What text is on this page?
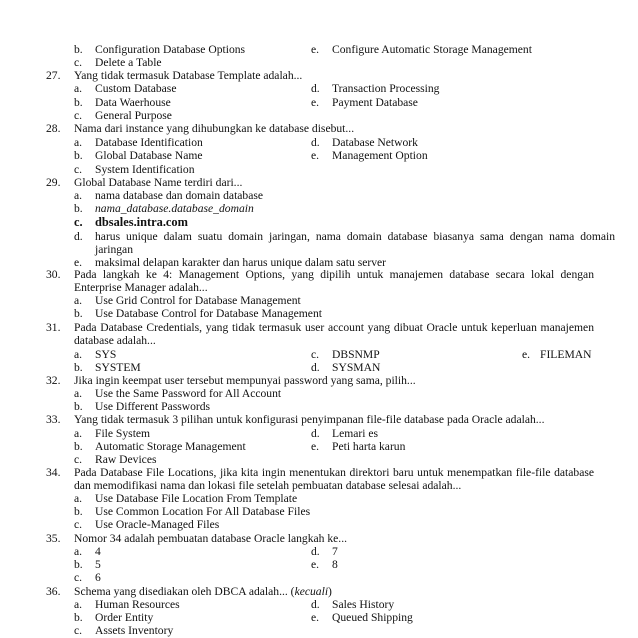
b. Configuration Database Options	e. Configure Automatic Storage Management
c. Delete a Table
27. Yang tidak termasuk Database Template adalah...
a. Custom Database	d. Transaction Processing
b. Data Waerhouse	e. Payment Database
c. General Purpose
28. Nama dari instance yang dihubungkan ke database disebut...
a. Database Identification	d. Database Network
b. Global Database Name	e. Management Option
c. System Identification
29. Global Database Name terdiri dari...
a. nama database dan domain database
b. nama_database.database_domain
c. dbsales.intra.com
d. harus unique dalam suatu domain jaringan, nama domain database biasanya sama dengan nama domain jaringan
e. maksimal delapan karakter dan harus unique dalam satu server
30. Pada langkah ke 4: Management Options, yang dipilih untuk manajemen database secara lokal dengan Enterprise Manager adalah...
a. Use Grid Control for Database Management
b. Use Database Control for Database Management
31. Pada Database Credentials, yang tidak termasuk user account yang dibuat Oracle untuk keperluan manajemen database adalah...
a. SYS	c. DBSNMP	e. FILEMAN
b. SYSTEM	d. SYSMAN
32. Jika ingin keempat user tersebut mempunyai password yang sama, pilih...
a. Use the Same Password for All Account
b. Use Different Passwords
33. Yang tidak termasuk 3 pilihan untuk konfigurasi penyimpanan file-file database pada Oracle adalah...
a. File System	d. Lemari es
b. Automatic Storage Management	e. Peti harta karun
c. Raw Devices
34. Pada Database File Locations, jika kita ingin menentukan direktori baru untuk menempatkan file-file database dan memodifikasi nama dan lokasi file setelah pembuatan database selesai adalah...
a. Use Database File Location From Template
b. Use Common Location For All Database Files
c. Use Oracle-Managed Files
35. Nomor 34 adalah pembuatan database Oracle langkah ke...
a. 4	d. 7
b. 5	e. 8
c. 6
36. Schema yang disediakan oleh DBCA adalah... (kecuali)
a. Human Resources	d. Sales History
b. Order Entity	e. Queued Shipping
c. Assets Inventory
